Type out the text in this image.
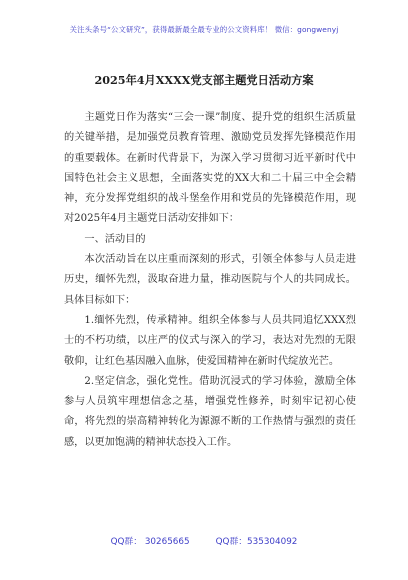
关注头条号“公文研究”，获得最新最全最专业的公文资料库！ 微信：gongwenyj
2025年4月XXXX党支部主题党日活动方案

主题党日作为落实“三会一课”制度、提升党的组织生活质量的关键举措，是加强党员教育管理、激励党员发挥先锋模范作用的重要载体。在新时代背景下，为深入学习贯彻习近平新时代中国特色社会主义思想，全面落实党的XX大和二十届三中全会精神，充分发挥党组织的战斗堡垒作用和党员的先锋模范作用，现对2025年4月主题党日活动安排如下：

一、活动目的

本次活动旨在以庄重而深刻的形式，引领全体参与人员走进历史，缅怀先烈，汲取奋进力量，推动医院与个人的共同成长。具体目标如下：

1.缅怀先烈，传承精神。组织全体参与人员共同追忆XXX烈士的不朽功绩，以庄严的仪式与深入的学习，表达对先烈的无限敬仰，让红色基因融入血脉，使爱国精神在新时代绽放光芒。

2.坚定信念，强化党性。借助沉浸式的学习体验，激励全体参与人员筑牢理想信念之基，增强党性修养，时刻牢记初心使命，将先烈的崇高精神转化为源源不断的工作热情与强烈的责任感，以更加饱满的精神状态投入工作。

QQ群： 30265665	QQ群：535304092
